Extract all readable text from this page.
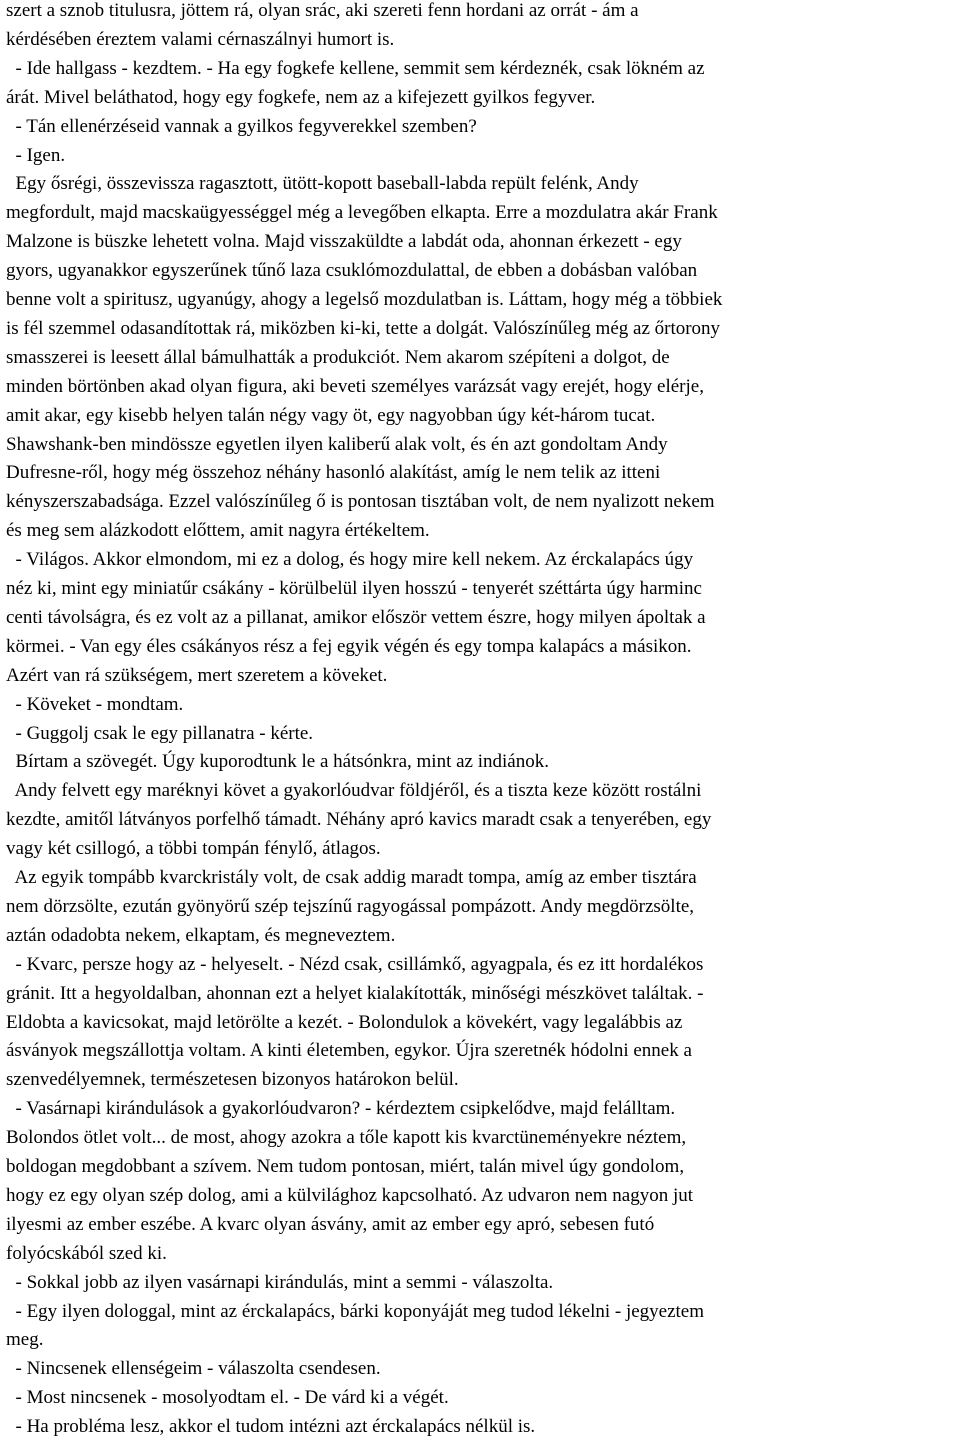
szert a sznob titulusra, jöttem rá, olyan srác, aki szereti fenn hordani az orrát - ám a
kérdésében éreztem valami cérnaszálnyi humort is.
- Ide hallgass - kezdtem. - Ha egy fogkefe kellene, semmit sem kérdeznék, csak lökném az
árát. Mivel beláthatod, hogy egy fogkefe, nem az a kifejezett gyilkos fegyver.
- Tán ellenérzéseid vannak a gyilkos fegyverekkel szemben?
- Igen.
Egy ősrégi, összevissza ragasztott, ütött-kopott baseball-labda repült felénk, Andy
megfordult, majd macskaügyességgel még a levegőben elkapta. Erre a mozdulatra akár Frank
Malzone is büszke lehetett volna. Majd visszaküldte a labdát oda, ahonnan érkezett - egy
gyors, ugyanakkor egyszerűnek tűnő laza csuklómozdulattal, de ebben a dobásban valóban
benne volt a spiritusz, ugyanúgy, ahogy a legelső mozdulatban is. Láttam, hogy még a többiek
is fél szemmel odasandítottak rá, miközben ki-ki, tette a dolgát. Valószínűleg még az őrtorony
smasszerei is leesett állal bámulhatták a produkciót. Nem akarom szépíteni a dolgot, de
minden börtönben akad olyan figura, aki beveti személyes varázsát vagy erejét, hogy elérje,
amit akar, egy kisebb helyen talán négy vagy öt, egy nagyobban úgy két-három tucat.
Shawshank-ben mindössze egyetlen ilyen kaliberű alak volt, és én azt gondoltam Andy
Dufresne-ről, hogy még összehoz néhány hasonló alakítást, amíg le nem telik az itteni
kényszerszabadsága. Ezzel valószínűleg ő is pontosan tisztában volt, de nem nyalizott nekem
és meg sem alázkodott előttem, amit nagyra értékeltem.
- Világos. Akkor elmondom, mi ez a dolog, és hogy mire kell nekem. Az érckalapács úgy
néz ki, mint egy miniatűr csákány - körülbelül ilyen hosszú - tenyerét széttárta úgy harminc
centi távolságra, és ez volt az a pillanat, amikor először vettem észre, hogy milyen ápoltak a
körmei. - Van egy éles csákányos rész a fej egyik végén és egy tompa kalapács a másikon.
Azért van rá szükségem, mert szeretem a köveket.
- Köveket - mondtam.
- Guggolj csak le egy pillanatra - kérte.
Bírtam a szövegét. Úgy kuporodtunk le a hátsónkra, mint az indiánok.
Andy felvett egy maréknyi követ a gyakorlóudvar földjéről, és a tiszta keze között rostálni
kezdte, amitől látványos porfelhő támadt. Néhány apró kavics maradt csak a tenyerében, egy
vagy két csillogó, a többi tompán fénylő, átlagos.
Az egyik tompább kvarckristály volt, de csak addig maradt tompa, amíg az ember tisztára
nem dörzsölte, ezután gyönyörű szép tejszínű ragyogással pompázott. Andy megdörzsölte,
aztán odadobta nekem, elkaptam, és megneveztem.
- Kvarc, persze hogy az - helyeselt. - Nézd csak, csillámkő, agyagpala, és ez itt hordalékos
gránit. Itt a hegyoldalban, ahonnan ezt a helyet kialakították, minőségi mészkövet találtak. -
Eldobta a kavicsokat, majd letörölte a kezét. - Bolondulok a kövekért, vagy legalábbis az
ásványok megszállottja voltam. A kinti életemben, egykor. Újra szeretnék hódolni ennek a
szenvedélyemnek, természetesen bizonyos határokon belül.
- Vasárnapi kirándulások a gyakorlóudvaron? - kérdeztem csipkelődve, majd felálltam.
Bolondos ötlet volt... de most, ahogy azokra a tőle kapott kis kvarctüneményekre néztem,
boldogan megdobbant a szívem. Nem tudom pontosan, miért, talán mivel úgy gondolom,
hogy ez egy olyan szép dolog, ami a külvilághoz kapcsolható. Az udvaron nem nagyon jut
ilyesmi az ember eszébe. A kvarc olyan ásvány, amit az ember egy apró, sebesen futó
folyócskából szed ki.
- Sokkal jobb az ilyen vasárnapi kirándulás, mint a semmi - válaszolta.
- Egy ilyen dologgal, mint az érckalapács, bárki koponyáját meg tudod lékelni - jegyeztem
meg.
- Nincsenek ellenségeim - válaszolta csendesen.
- Most nincsenek - mosolyodtam el. - De várd ki a végét.
- Ha probléma lesz, akkor el tudom intézni azt érckalapács nélkül is.
